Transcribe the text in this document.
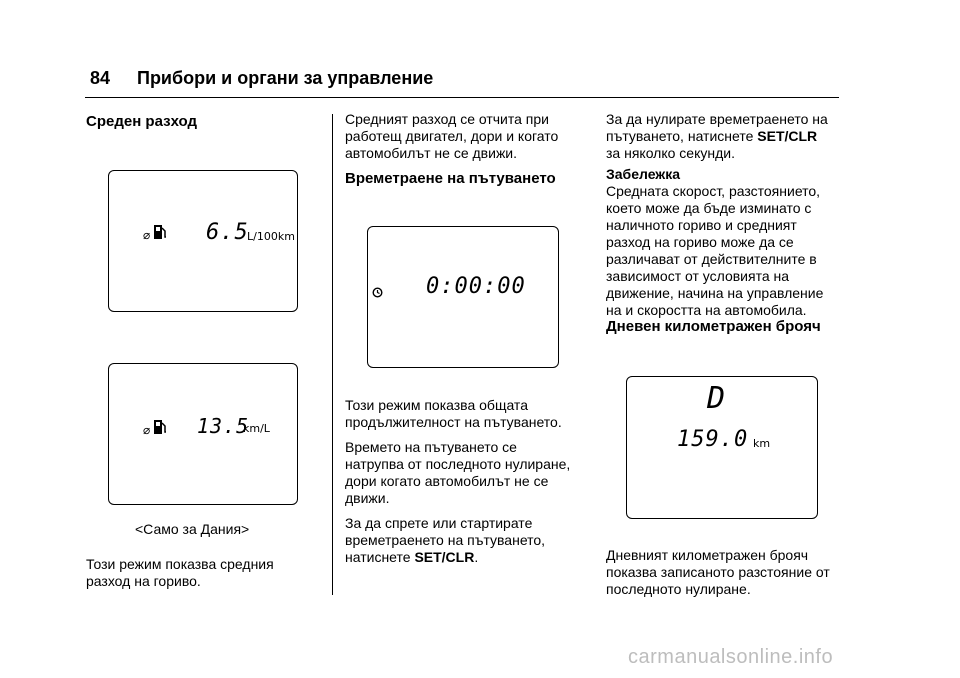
84 Прибори и органи за управление
Среден разход
⌀	6.5
L/100km
⌀ 13.5
km/L
<Само за Дания>
Този режим показва средния
разход на гориво.
Средният разход се отчита при
работещ двигател, дори и когато
автомобилът не се движи.
Времетраене на пътуването
0:00:00
Този режим показва общата
продължителност на пътуването.
Времето на пътуването се
натрупва от последното нулиране,
дори когато автомобилът не се
движи.
За да спрете или стартирате
времетраенето на пътуването,
натиснете SET/CLR.
За да нулирате времетраенето на
пътуването, натиснете SET/CLR
за няколко секунди.
Забележка
Средната скорост, разстоянието,
което може да бъде изминато с
наличното гориво и средният
разход на гориво може да се
различават от действителните в
зависимост от условията на
движение, начина на управление
на и скоростта на автомобила.
Дневен километражен брояч
D
159.0 km
Дневният километражен брояч
показва записаното разстояние от
последното нулиране.
carmanualsonline.info
